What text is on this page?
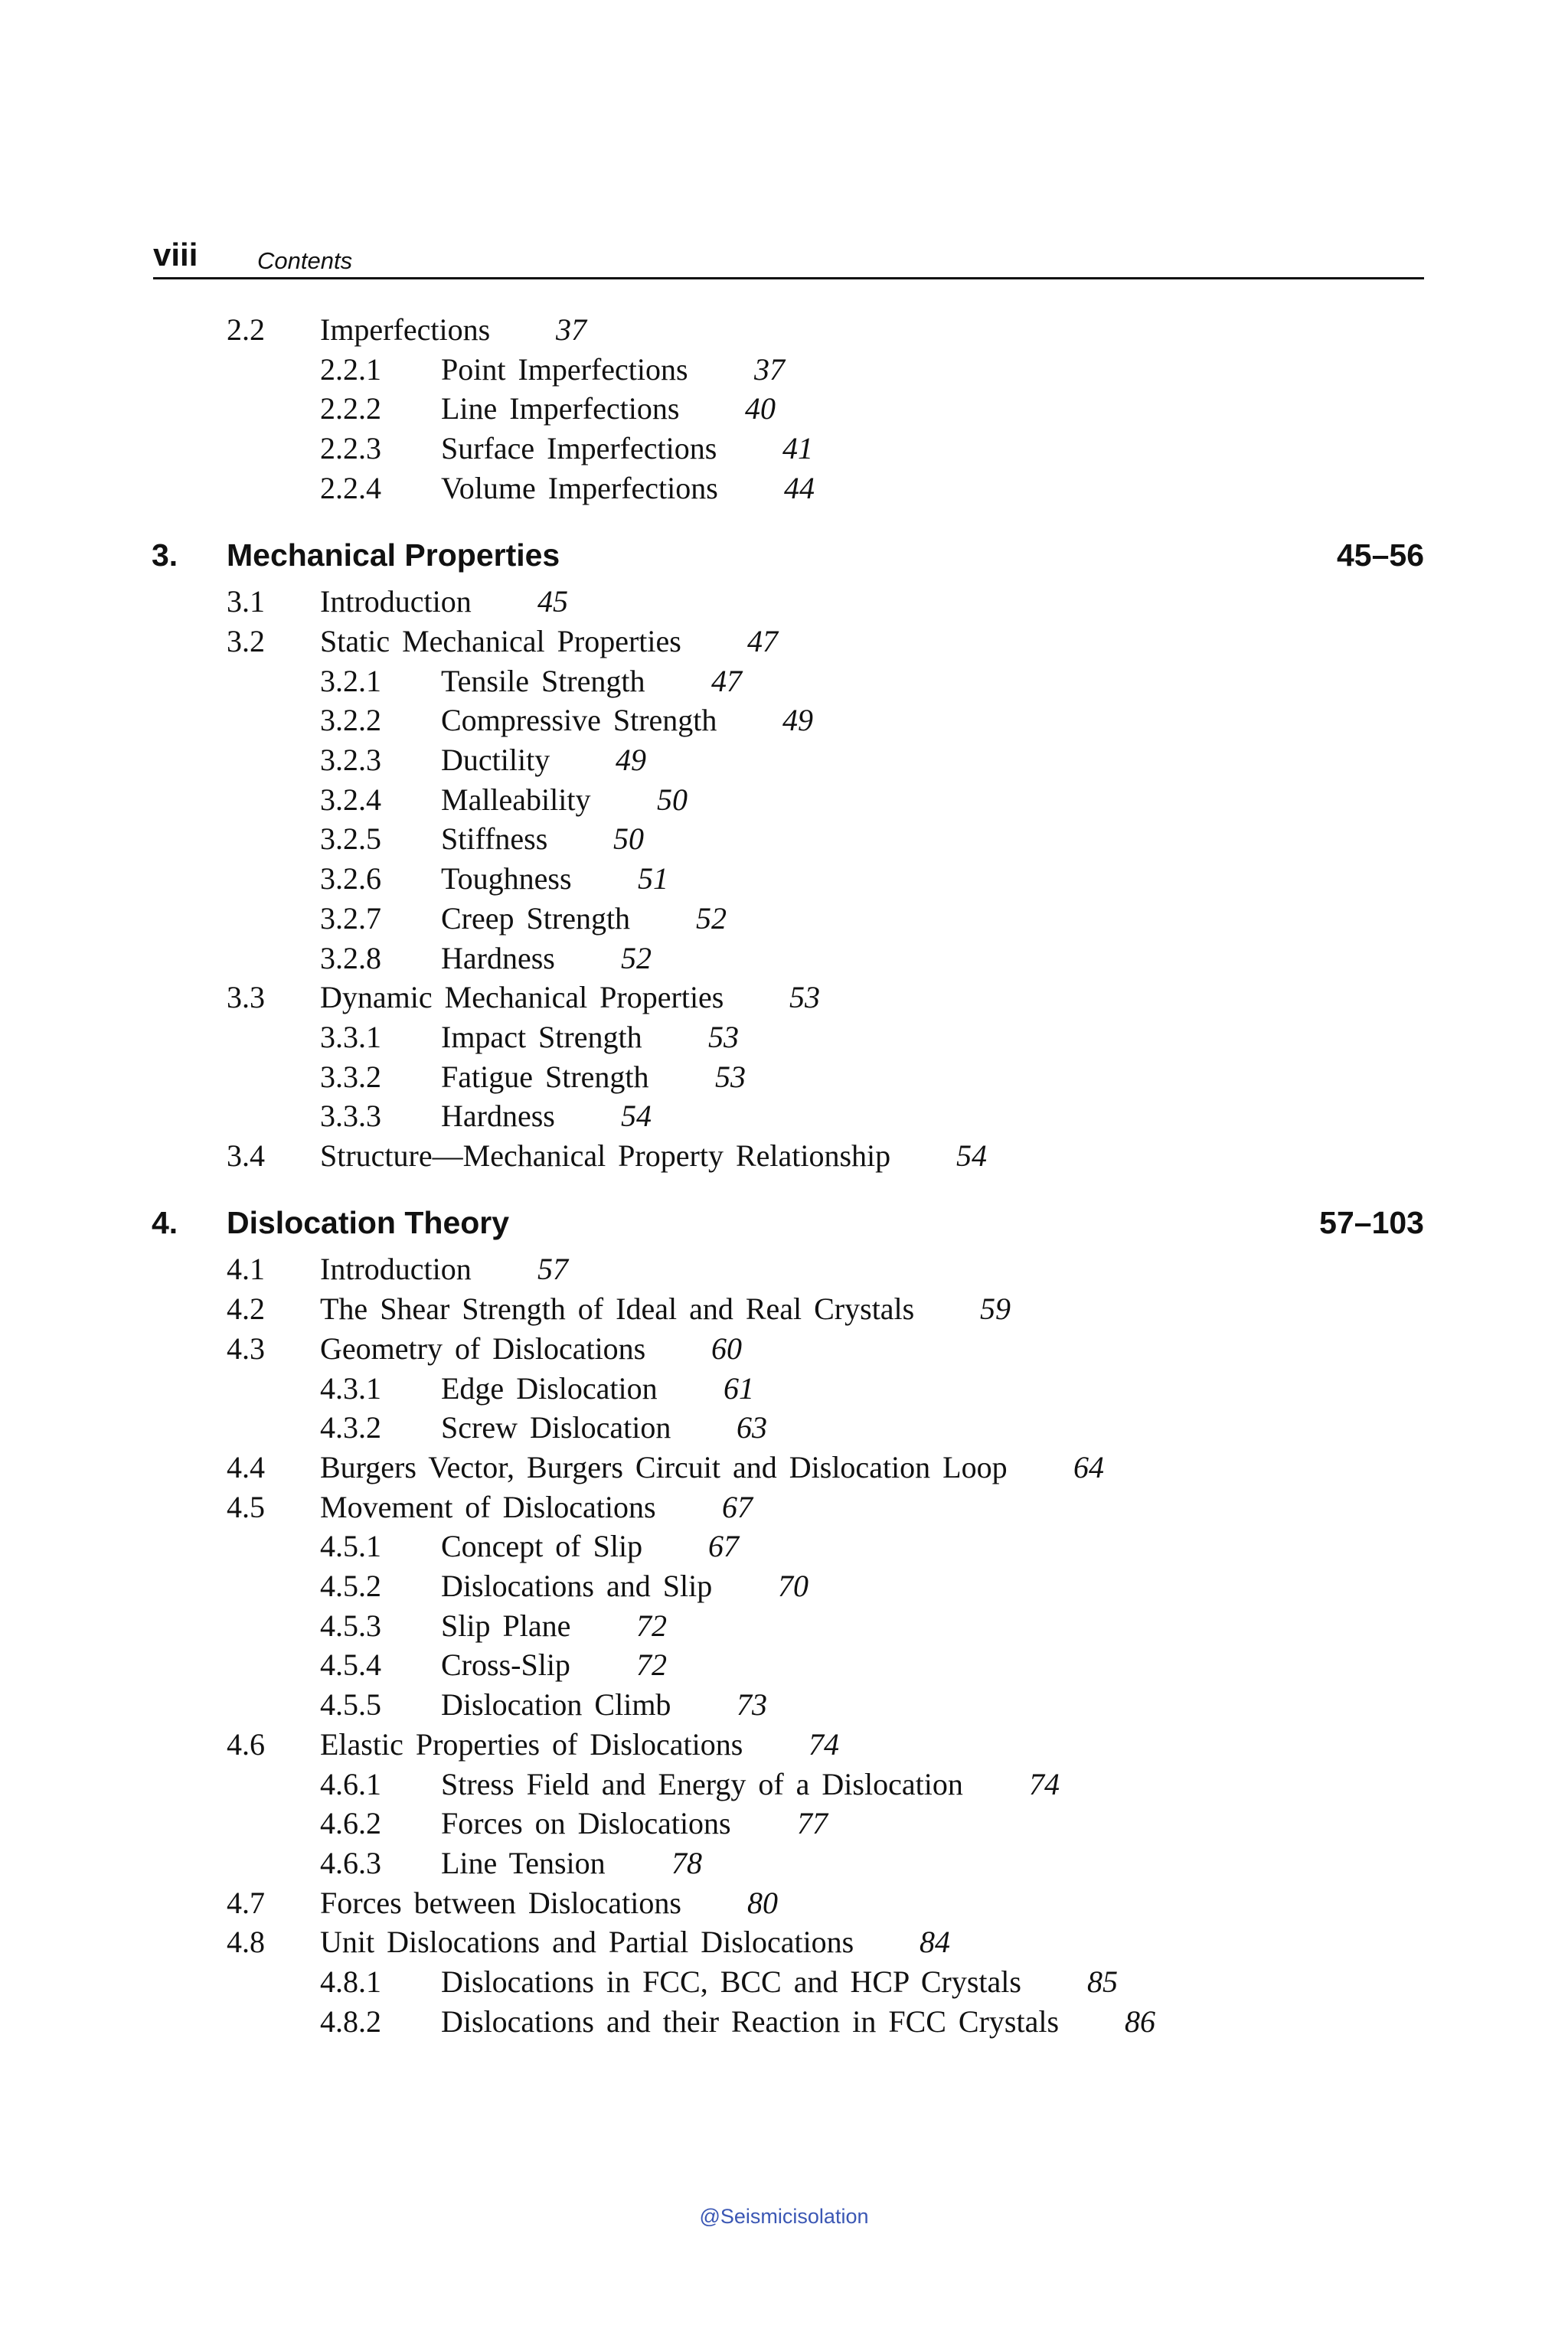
viii	Contents
2.2 Imperfections 37
2.2.1 Point Imperfections 37
2.2.2 Line Imperfections 40
2.2.3 Surface Imperfections 41
2.2.4 Volume Imperfections 44
3. Mechanical Properties	45–56
3.1 Introduction 45
3.2 Static Mechanical Properties 47
3.2.1 Tensile Strength 47
3.2.2 Compressive Strength 49
3.2.3 Ductility 49
3.2.4 Malleability 50
3.2.5 Stiffness 50
3.2.6 Toughness 51
3.2.7 Creep Strength 52
3.2.8 Hardness 52
3.3 Dynamic Mechanical Properties 53
3.3.1 Impact Strength 53
3.3.2 Fatigue Strength 53
3.3.3 Hardness 54
3.4 Structure—Mechanical Property Relationship 54
4. Dislocation Theory	57–103
4.1 Introduction 57
4.2 The Shear Strength of Ideal and Real Crystals 59
4.3 Geometry of Dislocations 60
4.3.1 Edge Dislocation 61
4.3.2 Screw Dislocation 63
4.4 Burgers Vector, Burgers Circuit and Dislocation Loop 64
4.5 Movement of Dislocations 67
4.5.1 Concept of Slip 67
4.5.2 Dislocations and Slip 70
4.5.3 Slip Plane 72
4.5.4 Cross-Slip 72
4.5.5 Dislocation Climb 73
4.6 Elastic Properties of Dislocations 74
4.6.1 Stress Field and Energy of a Dislocation 74
4.6.2 Forces on Dislocations 77
4.6.3 Line Tension 78
4.7 Forces between Dislocations 80
4.8 Unit Dislocations and Partial Dislocations 84
4.8.1 Dislocations in FCC, BCC and HCP Crystals 85
4.8.2 Dislocations and their Reaction in FCC Crystals 86
@Seismicisolation
